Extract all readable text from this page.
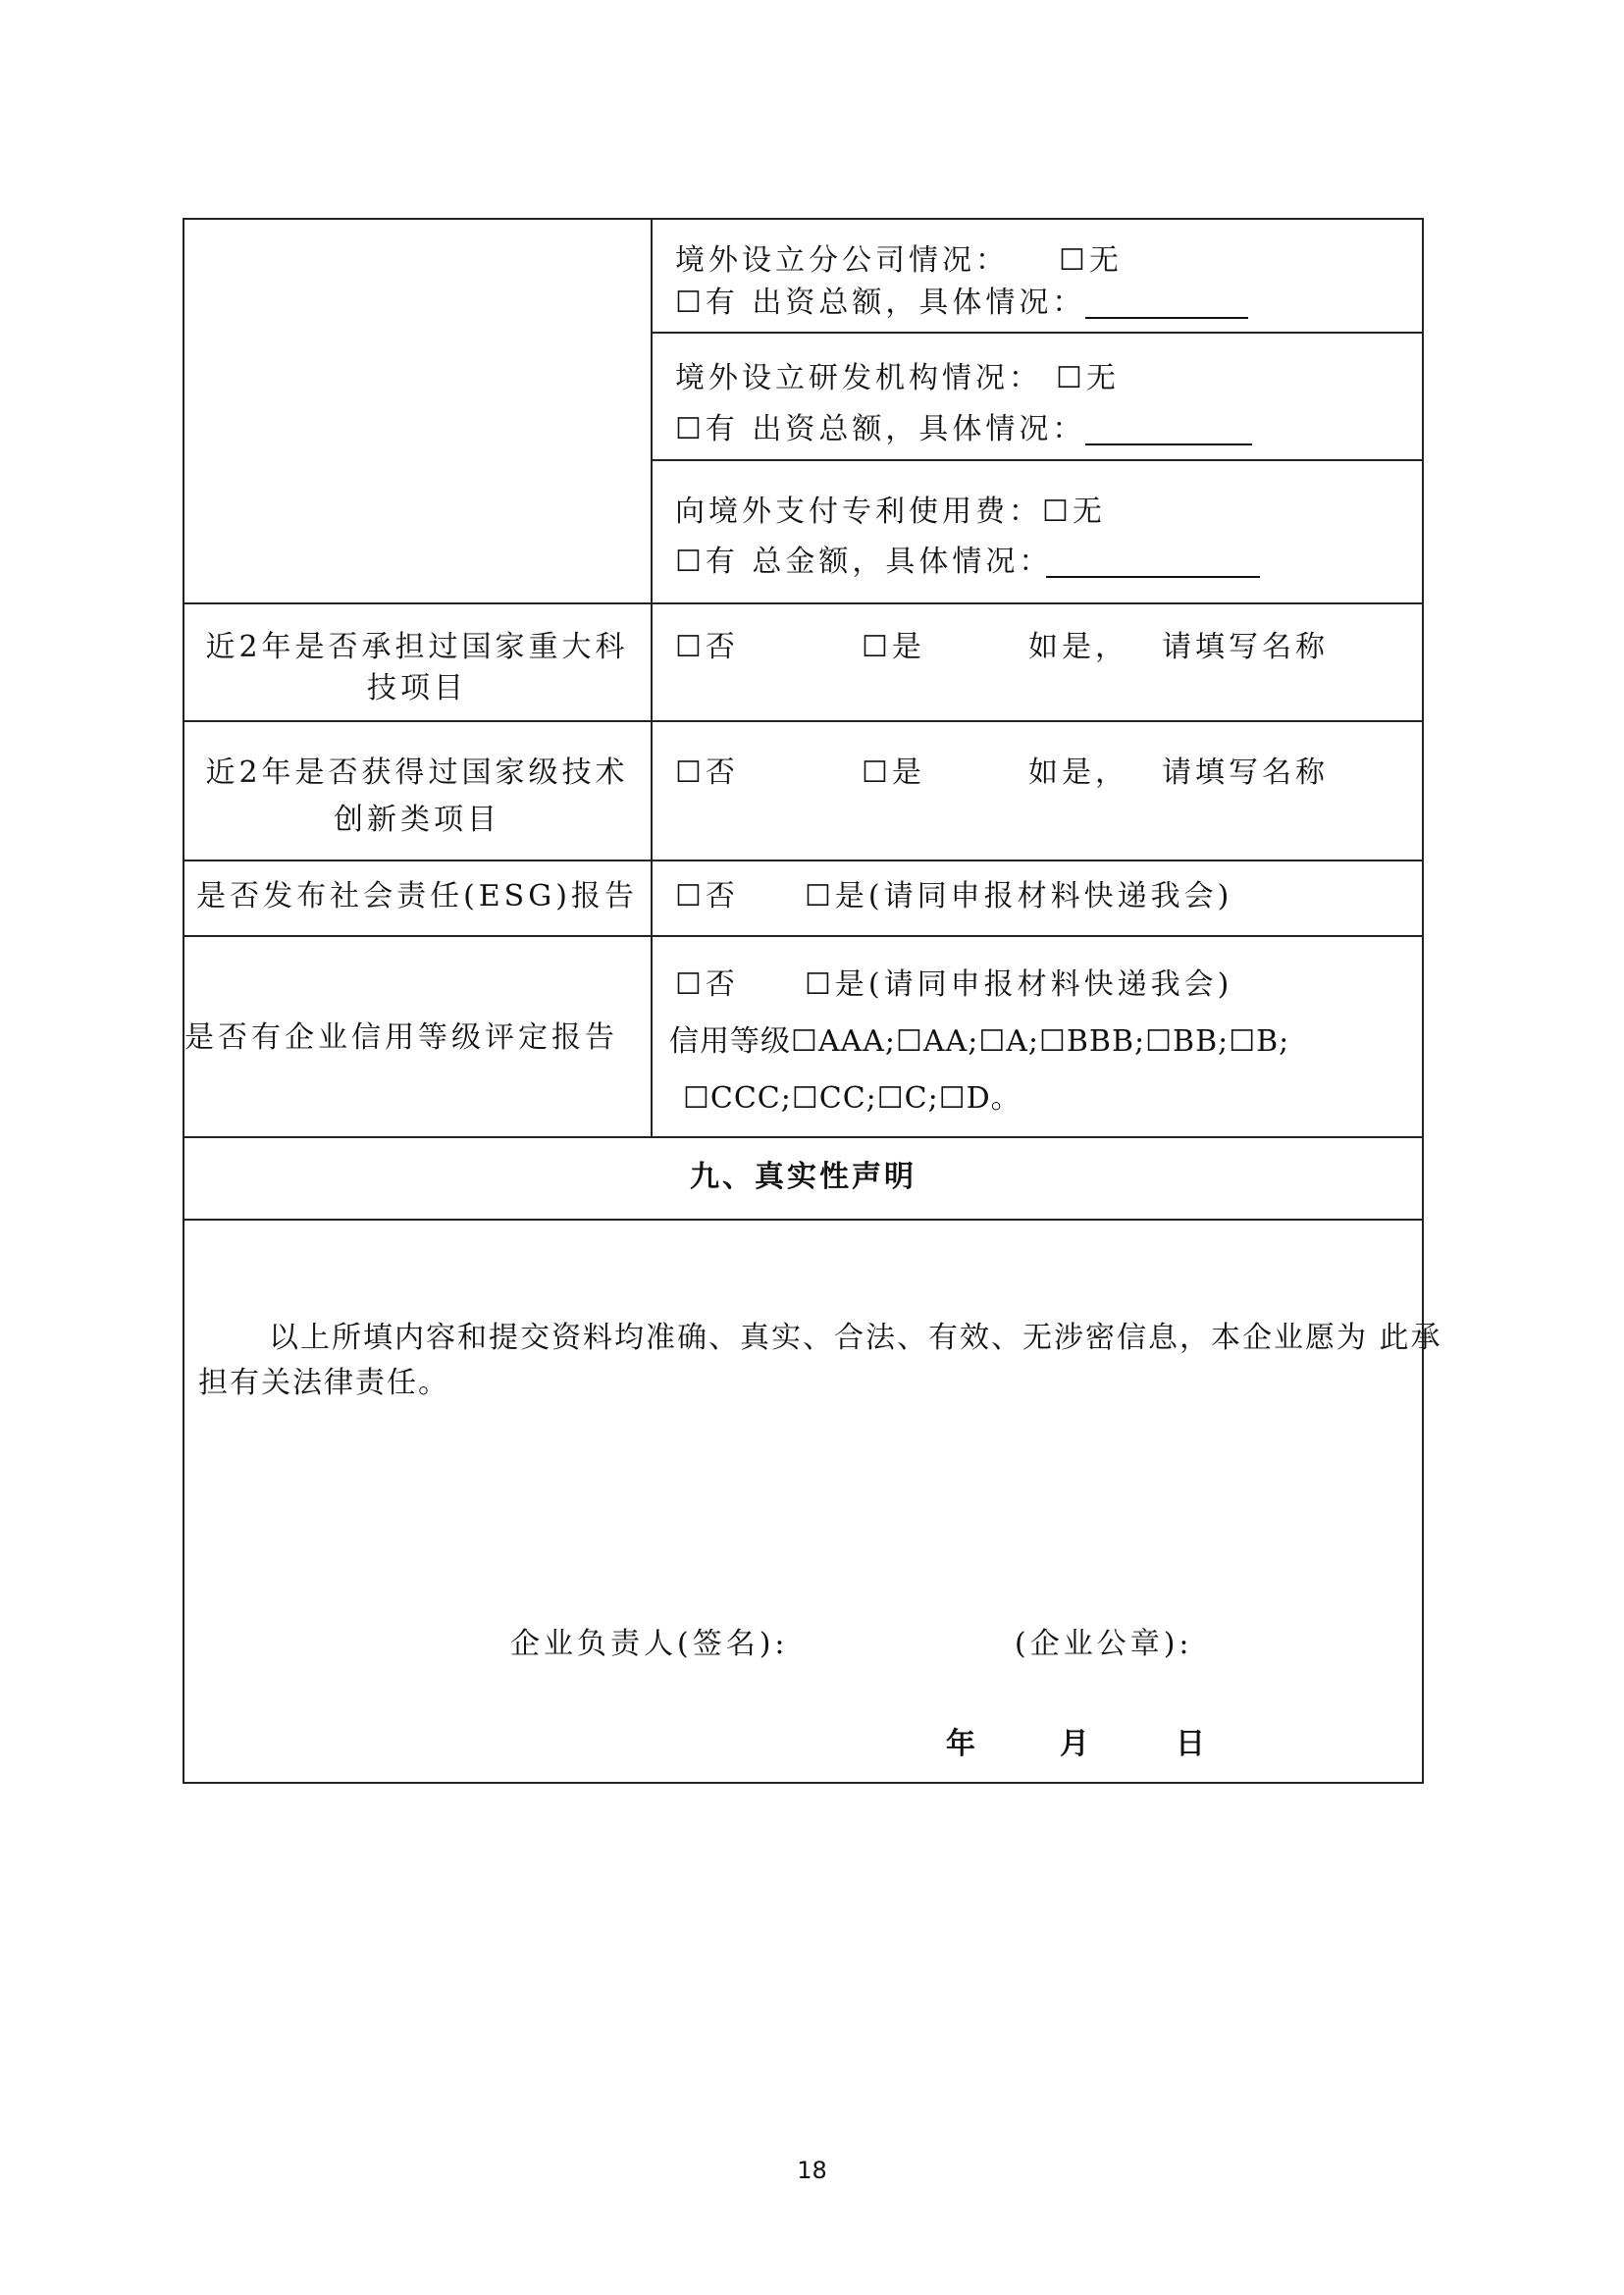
境外设立分公司情况： ☐无
☐有 出资总额，具体情况：
境外设立研发机构情况： ☐无
☐有 出资总额，具体情况：
向境外支付专利使用费：☐无
☐有 总金额，具体情况：
近2年是否承担过国家重大科
技项目
☐否	☐是	如是， 请填写名称
近2年是否获得过国家级技术
创新类项目
☐否	☐是	如是， 请填写名称
是否发布社会责任(ESG)报告	☐否 ☐是(请同申报材料快递我会)
是否有企业信用等级评定报告
☐否 ☐是(请同申报材料快递我会)
信用等级☐AAA;☐AA;☐A;☐BBB;☐BB;☐B;
☐CCC;☐CC;☐C;☐D。
九、真实性声明
以上所填内容和提交资料均准确、真实、合法、有效、无涉密信息，本企业愿为 此承
担有关法律责任。
企业负责人(签名):	(企业公章):
年	月	日
18
